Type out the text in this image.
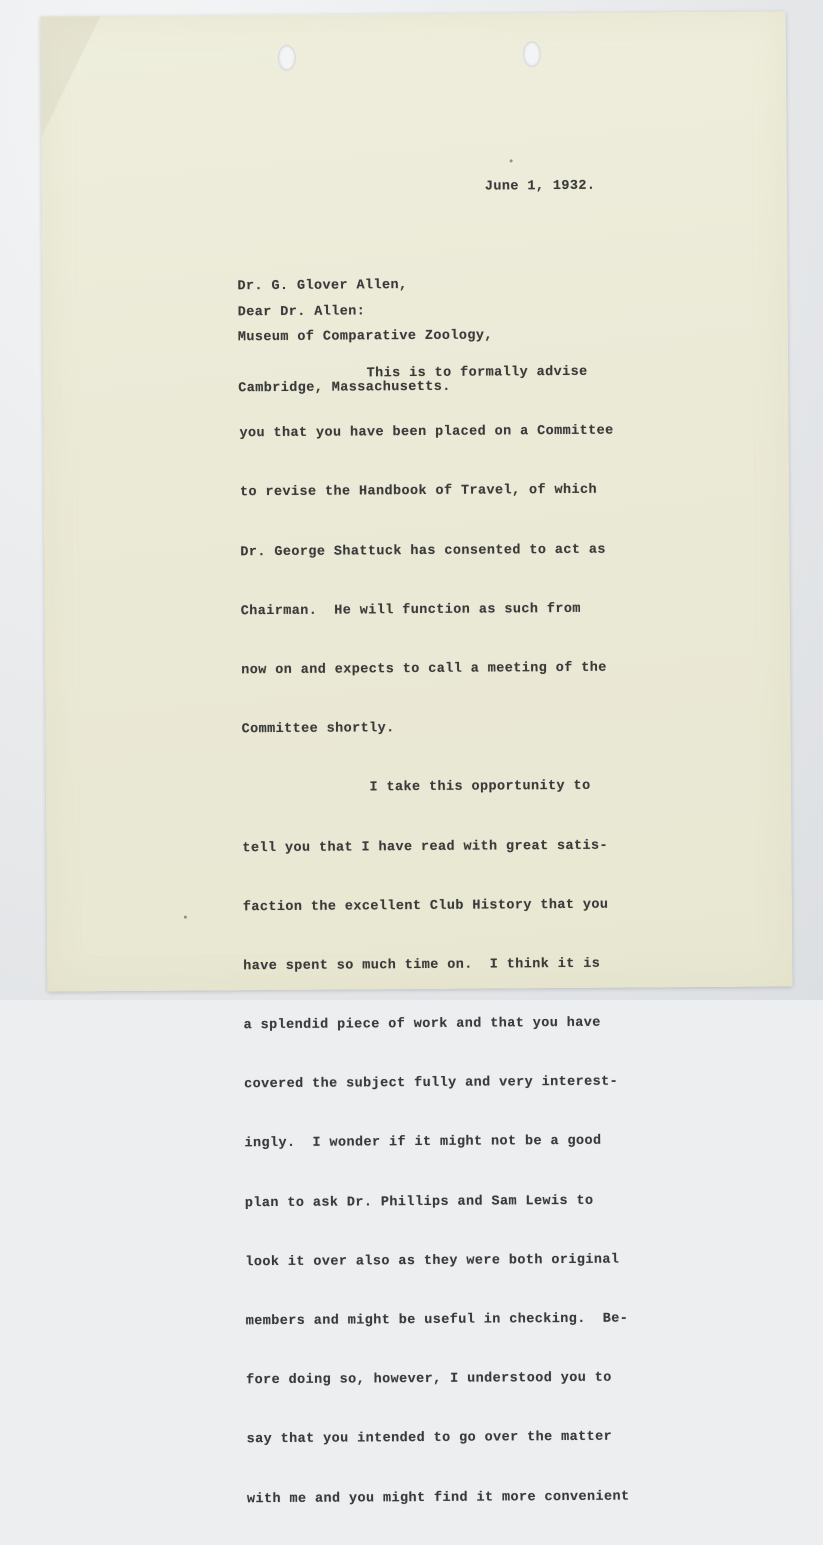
June 1, 1932.

Dr. G. Glover Allen,

Museum of Comparative Zoology,

Cambridge, Massachusetts.

Dear Dr. Allen:

This is to formally advise

you that you have been placed on a Committee

to revise the Handbook of Travel, of which

Dr. George Shattuck has consented to act as

Chairman.  He will function as such from

now on and expects to call a meeting of the

Committee shortly.

I take this opportunity to

tell you that I have read with great satis-

faction the excellent Club History that you

have spent so much time on.  I think it is

a splendid piece of work and that you have

covered the subject fully and very interest-

ingly.  I wonder if it might not be a good

plan to ask Dr. Phillips and Sam Lewis to

look it over also as they were both original

members and might be useful in checking.  Be-

fore doing so, however, I understood you to

say that you intended to go over the matter

with me and you might find it more convenient
